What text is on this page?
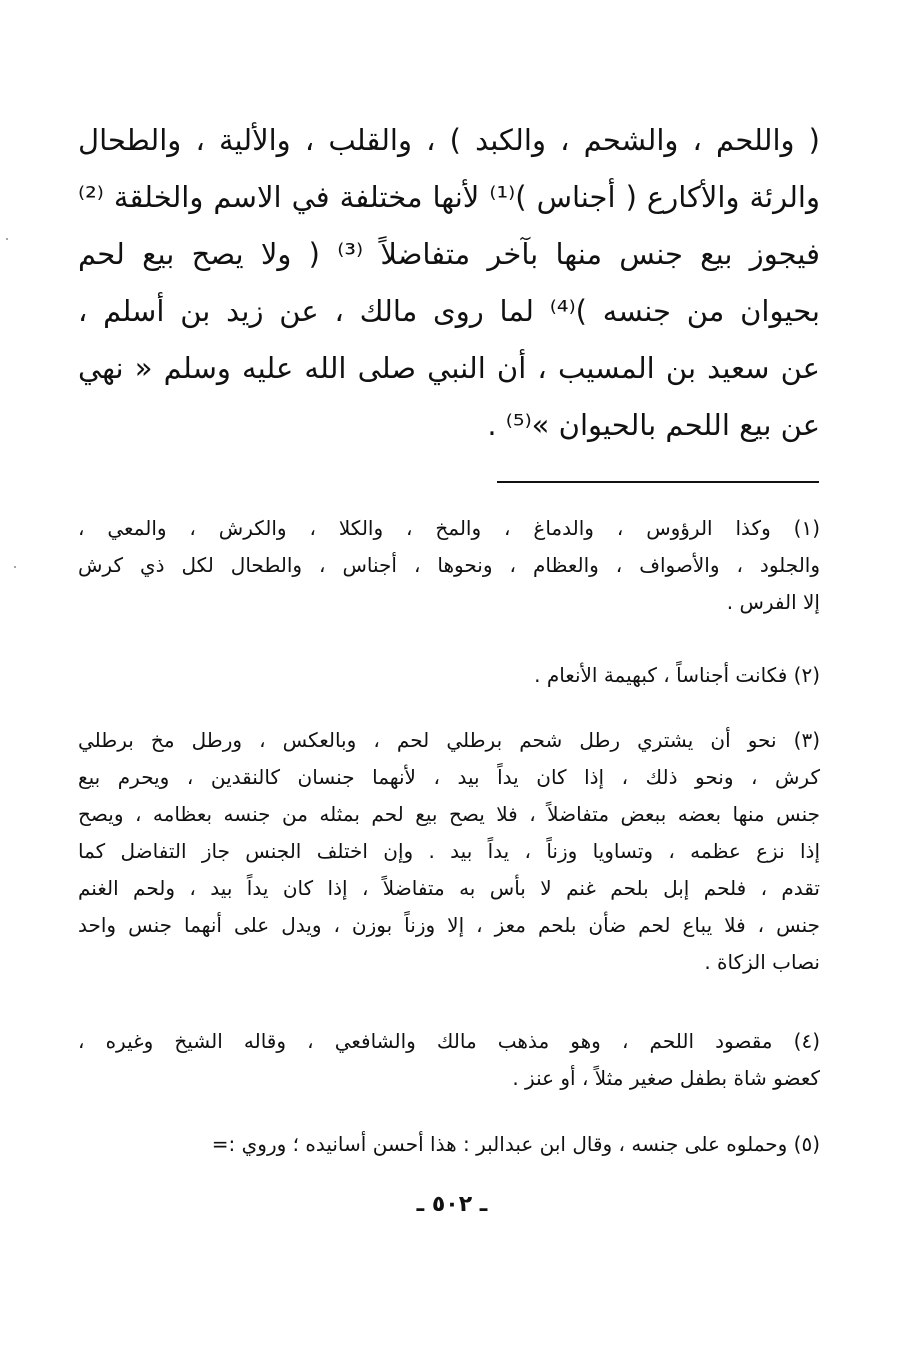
( واللحم ، والشحم ، والكبد ) ، والقلب ، والألية ، والطحال
والرئة والأكارع ( أجناس )⁽¹⁾ لأنها مختلفة في الاسم والخلقة ⁽²⁾
فيجوز بيع جنس منها بآخر متفاضلاً ⁽³⁾ ( ولا يصح بيع لحم
بحيوان من جنسه )⁽⁴⁾ لما روى مالك ، عن زيد بن أسلم ،
عن سعيد بن المسيب ، أن النبي صلى الله عليه وسلم « نهي
عن بيع اللحم بالحيوان »⁽⁵⁾ .
(١) وكذا الرؤوس ، والدماغ ، والمخ ، والكلا ، والكرش ، والمعي ،
والجلود ، والأصواف ، والعظام ، ونحوها ، أجناس ، والطحال لكل ذي كرش
إلا الفرس .
(٢) فكانت أجناساً ، كبهيمة الأنعام .
(٣) نحو أن يشتري رطل شحم برطلي لحم ، وبالعكس ، ورطل مخ برطلي
كرش ، ونحو ذلك ، إذا كان يداً بيد ، لأنهما جنسان كالنقدين ، ويحرم بيع
جنس منها بعضه ببعض متفاضلاً ، فلا يصح بيع لحم بمثله من جنسه بعظامه ، ويصح
إذا نزع عظمه ، وتساويا وزناً ، يداً بيد . وإن اختلف الجنس جاز التفاضل كما
تقدم ، فلحم إبل بلحم غنم لا بأس به متفاضلاً ، إذا كان يداً بيد ، ولحم الغنم
جنس ، فلا يباع لحم ضأن بلحم معز ، إلا وزناً بوزن ، ويدل على أنهما جنس واحد
نصاب الزكاة .
(٤) مقصود اللحم ، وهو مذهب مالك والشافعي ، وقاله الشيخ وغيره ،
كعضو شاة بطفل صغير مثلاً ، أو عنز .
(٥) وحملوه على جنسه ، وقال ابن عبدالبر : هذا أحسن أسانيده ؛ وروي :=
ـ ٥٠٢ ـ
